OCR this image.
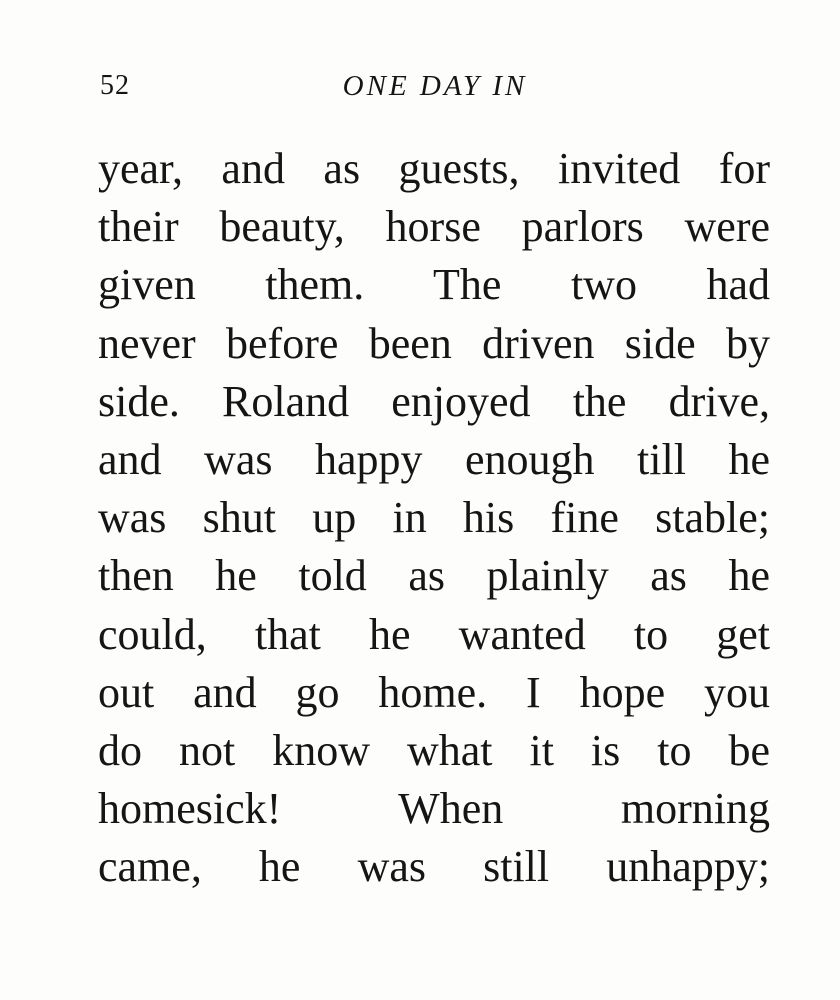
52	ONE DAY IN
year, and as guests, invited for
their beauty, horse parlors were
given them. The two had
never before been driven side by
side. Roland enjoyed the drive,
and was happy enough till he
was shut up in his fine stable;
then he told as plainly as he
could, that he wanted to get
out and go home. I hope you
do not know what it is to be
homesick! When morning
came, he was still unhappy;
